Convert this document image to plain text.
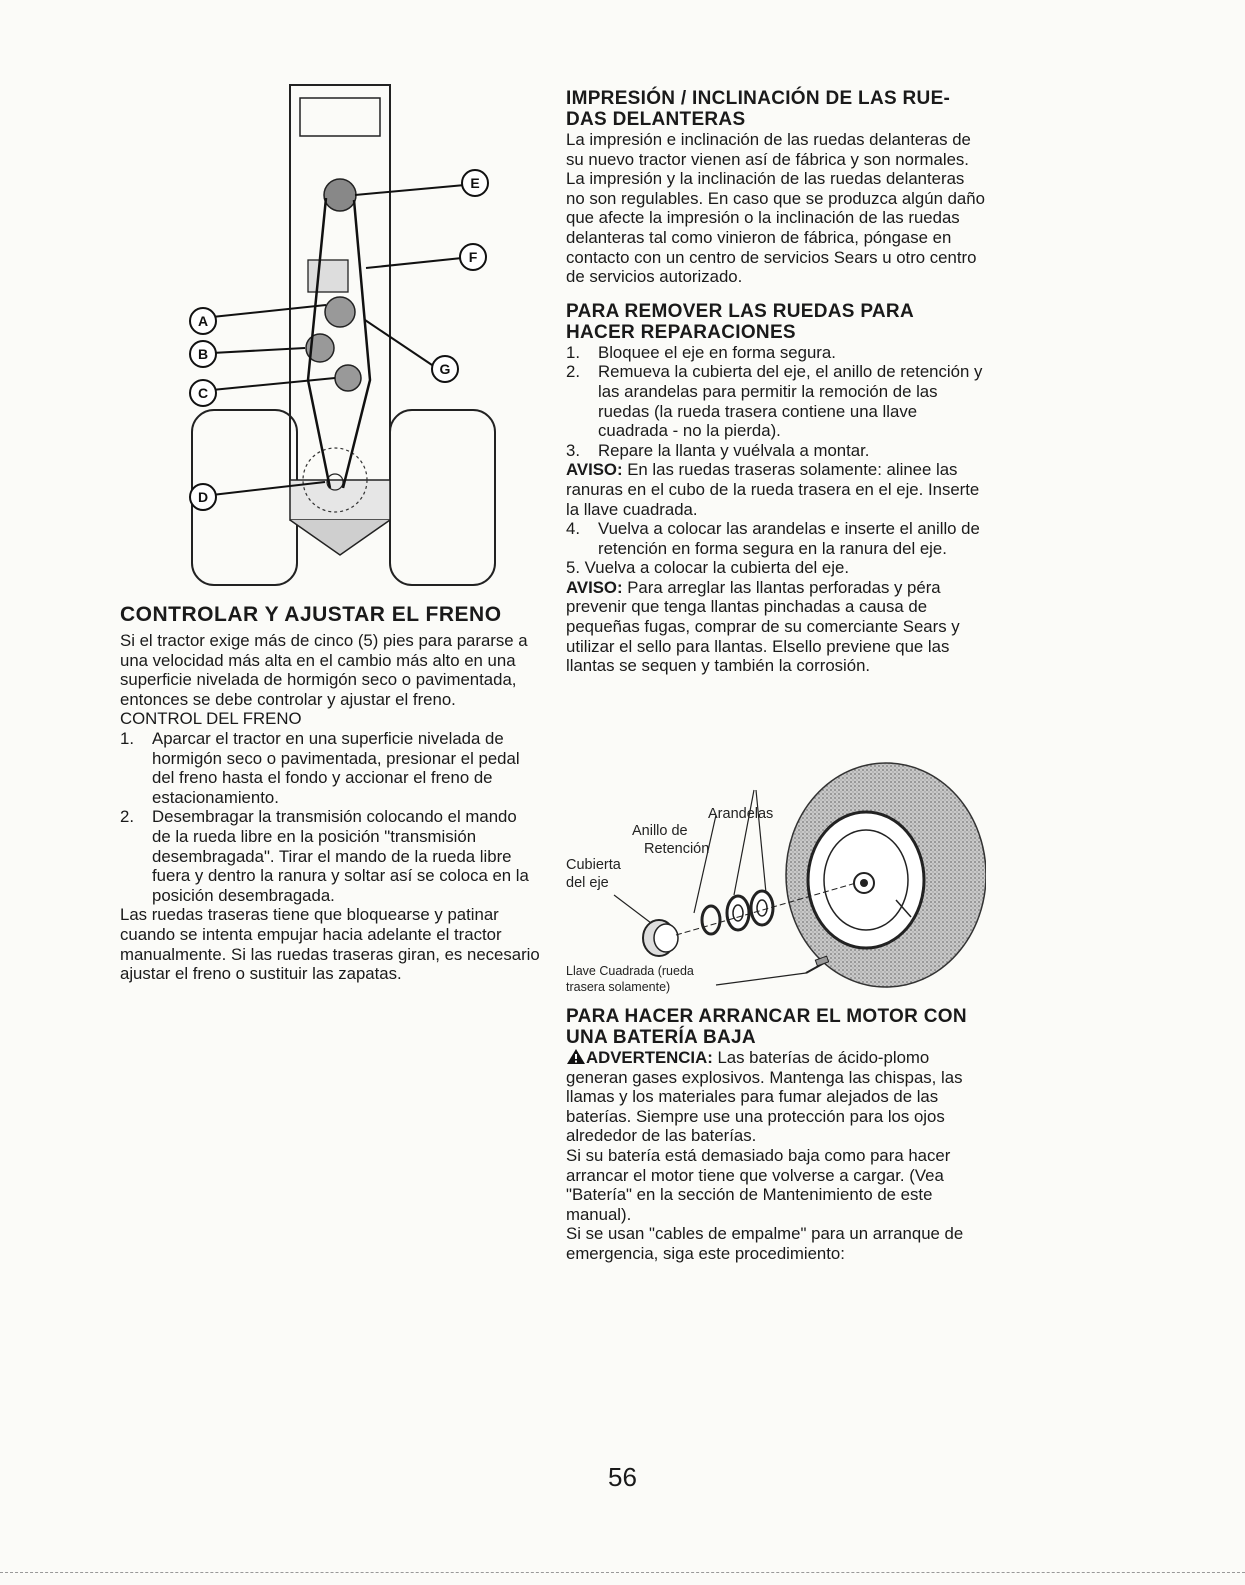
E
F
A
G
B
C
D
CONTROLAR Y AJUSTAR EL FRENO

Si el tractor exige más de cinco (5) pies para pararse a una velocidad más alta en el cambio más alto en una superficie nivelada de hormigón seco o pavimentada, entonces se debe controlar y ajustar el freno.

CONTROL DEL FRENO

1. Aparcar el tractor en una superficie nivelada de hormigón seco o pavimentada, presionar el pedal del freno hasta el fondo y accionar el freno de estacionamiento.
2. Desembragar la transmisión colocando el mando de la rueda libre en la posición "transmisión desembragada". Tirar el mando de la rueda libre fuera y dentro la ranura y soltar así se coloca en la posición desembragada.

Las ruedas traseras tiene que bloquearse y patinar cuando se intenta empujar hacia adelante el tractor manualmente. Si las ruedas traseras giran, es necesario ajustar el freno o sustituir las zapatas.

IMPRESIÓN / INCLINACIÓN DE LAS RUE-
DAS DELANTERAS

La impresión e inclinación de las ruedas delanteras de su nuevo tractor vienen así de fábrica y son normales. La impresión y la inclinación de las ruedas delanteras no son regulables. En caso que se produzca algún daño que afecte la impresión o la inclinación de las ruedas delanteras tal como vinieron de fábrica, póngase en contacto con un centro de servicios Sears u otro centro de servicios autorizado.

PARA REMOVER LAS RUEDAS PARA
HACER REPARACIONES
1. Bloquee el eje en forma segura.
2. Remueva la cubierta del eje, el anillo de retención y las arandelas para permitir la remoción de las ruedas (la rueda trasera contiene una llave cuadrada - no la pierda).
3. Repare la llanta y vuélvala a montar.

AVISO: En las ruedas traseras solamente: alinee las ranuras en el cubo de la rueda trasera en el eje. Inserte la llave cuadrada.

4. Vuelva a colocar las arandelas e inserte el anillo de retención en forma segura en la ranura del eje.
5. Vuelva a colocar la cubierta del eje.

AVISO: Para arreglar las llantas perforadas y péra prevenir que tenga llantas pinchadas a causa de pequeñas fugas, comprar de su comerciante Sears y utilizar el sello para llantas. Elsello previene que las llantas se sequen y también la corrosión.

Arandelas
Anillo de
Retención
Cubierta
del eje
Llave Cuadrada (rueda
trasera solamente)
PARA HACER ARRANCAR EL MOTOR CON
UNA BATERÍA BAJA

ADVERTENCIA: Las baterías de ácido-plomo generan gases explosivos. Mantenga las chispas, las llamas y los materiales para fumar alejados de las baterías. Siempre use una protección para los ojos alrededor de las baterías.

Si su batería está demasiado baja como para hacer arrancar el motor tiene que volverse a cargar. (Vea "Batería" en la sección de Mantenimiento de este manual).

Si se usan "cables de empalme" para un arranque de emergencia, siga este procedimiento:

56
